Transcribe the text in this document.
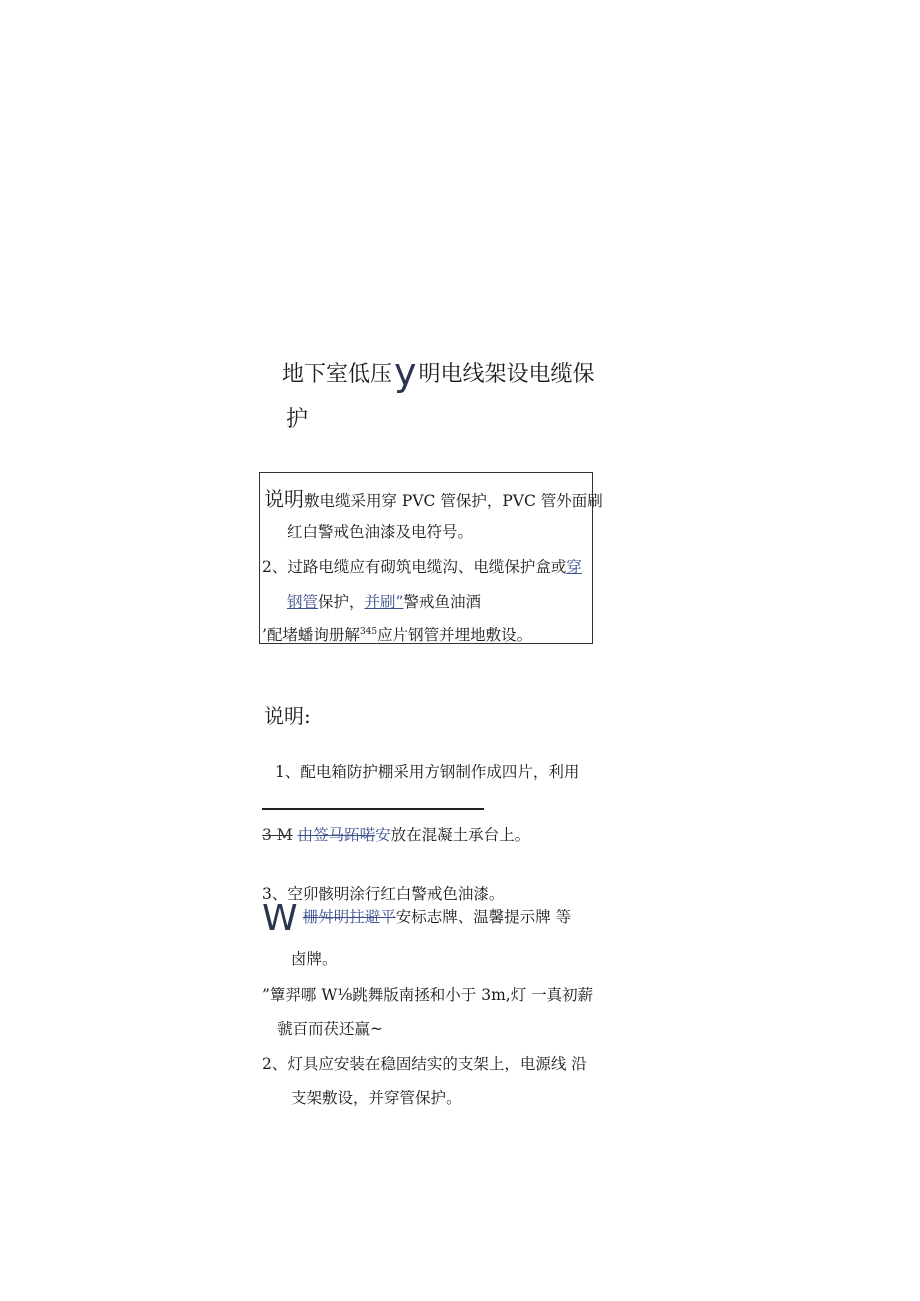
地下室低压y明电线架设电缆保
护
说明敷电缆采用穿 PVC 管保护，PVC 管外面刷
红白警戒色油漆及电符号。
2、过路电缆应有砌筑电缆沟、电缆保护盒或穿
钢管保护，并刷”警戒鱼油酒
’配堵蟠询册解$^{345}$应片钢管并埋地敷设。
说明:
1、配电箱防护棚采用方钢制作成四片，利用
3 M 由签马跖喏安放在混凝土承台上。
3、空卯骸明涂行红白警戒色油漆。
W 栅舛明拄避平安标志牌、温馨提示牌 等
卤牌。
”簟羿哪 W⅛跳舞版南拯和小于 3m,灯 一真初薪
虢百而茯还赢~
2、灯具应安装在稳固结实的支架上，电源线 沿
支架敷设，并穿管保护。
